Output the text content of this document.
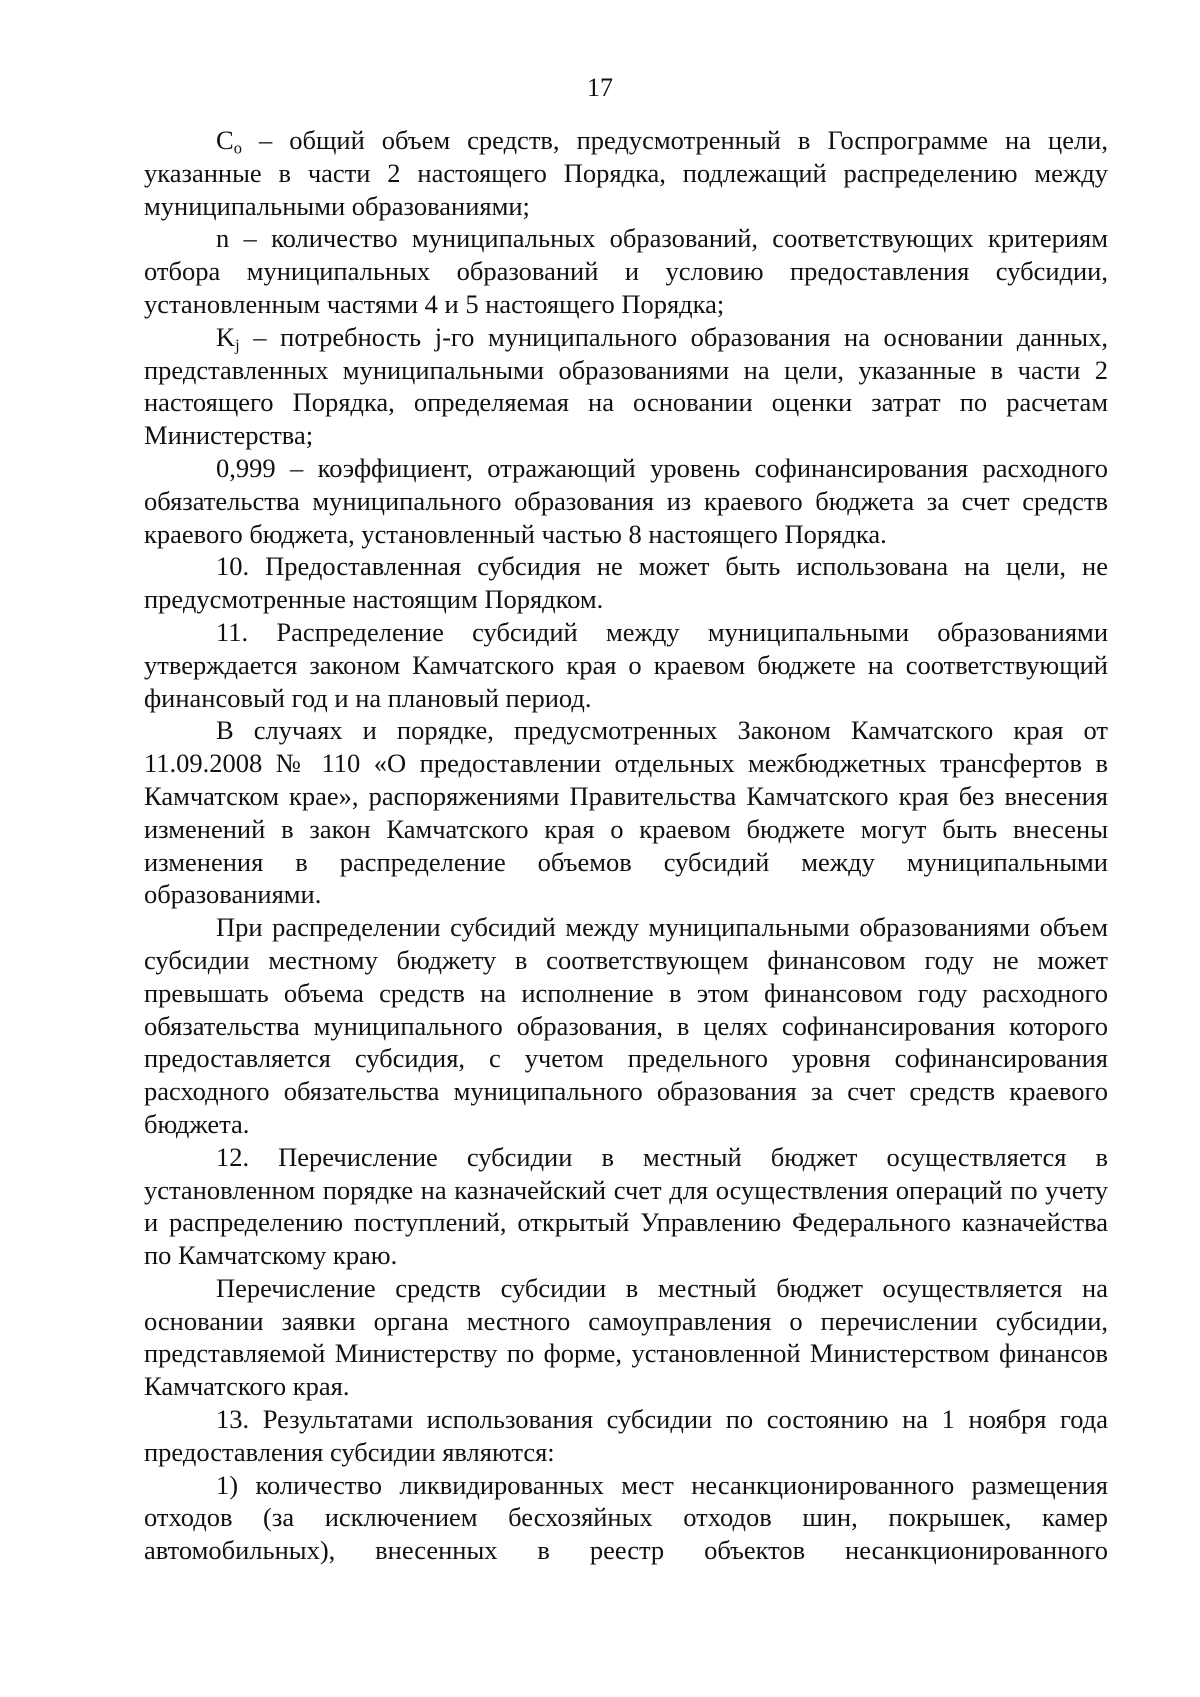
17

$C_o$ – общий объем средств, предусмотренный в Госпрограмме на цели, указанные в части 2 настоящего Порядка, подлежащий распределению между муниципальными образованиями;

n – количество муниципальных образований, соответствующих критериям отбора муниципальных образований и условию предоставления субсидии, установленным частями 4 и 5 настоящего Порядка;

$K_j$ – потребность j-го муниципального образования на основании данных, представленных муниципальными образованиями на цели, указанные в части 2 настоящего Порядка, определяемая на основании оценки затрат по расчетам Министерства;

0,999 – коэффициент, отражающий уровень софинансирования расходного обязательства муниципального образования из краевого бюджета за счет средств краевого бюджета, установленный частью 8 настоящего Порядка.

10. Предоставленная субсидия не может быть использована на цели, не предусмотренные настоящим Порядком.

11. Распределение субсидий между муниципальными образованиями утверждается законом Камчатского края о краевом бюджете на соответствующий финансовый год и на плановый период.

В случаях и порядке, предусмотренных Законом Камчатского края от 11.09.2008 № 110 «О предоставлении отдельных межбюджетных трансфертов в Камчатском крае», распоряжениями Правительства Камчатского края без внесения изменений в закон Камчатского края о краевом бюджете могут быть внесены изменения в распределение объемов субсидий между муниципальными образованиями.

При распределении субсидий между муниципальными образованиями объем субсидии местному бюджету в соответствующем финансовом году не может превышать объема средств на исполнение в этом финансовом году расходного обязательства муниципального образования, в целях софинансирования которого предоставляется субсидия, с учетом предельного уровня софинансирования расходного обязательства муниципального образования за счет средств краевого бюджета.

12. Перечисление субсидии в местный бюджет осуществляется в установленном порядке на казначейский счет для осуществления операций по учету и распределению поступлений, открытый Управлению Федерального казначейства по Камчатскому краю.

Перечисление средств субсидии в местный бюджет осуществляется на основании заявки органа местного самоуправления о перечислении субсидии, представляемой Министерству по форме, установленной Министерством финансов Камчатского края.

13. Результатами использования субсидии по состоянию на 1 ноября года предоставления субсидии являются:

1) количество ликвидированных мест несанкционированного размещения отходов (за исключением бесхозяйных отходов шин, покрышек, камер автомобильных), внесенных в реестр объектов несанкционированного
